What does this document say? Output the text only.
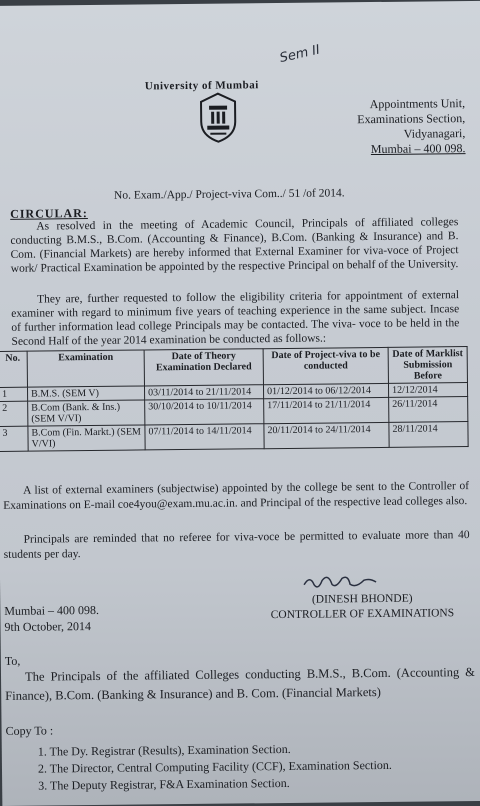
Sem II
University of Mumbai
Appointments Unit,
Examinations Section,
Vidyanagari,
Mumbai – 400 098.
No. Exam./App./ Project-viva Com../ 51 /of 2014.
CIRCULAR:
As resolved in the meeting of Academic Council, Principals of affiliated colleges conducting B.M.S., B.Com. (Accounting & Finance), B.Com. (Banking & Insurance) and B. Com. (Financial Markets) are hereby informed that External Examiner for viva-voce of Project work/ Practical Examination be appointed by the respective Principal on behalf of the University.
They are, further requested to follow the eligibility criteria for appointment of external examiner with regard to minimum five years of teaching experience in the same subject. Incase of further information lead college Principals may be contacted. The viva- voce to be held in the Second Half of the year 2014 examination be conducted as follows.:
No.	Examination	Date of Theory Examination Declared	Date of Project-viva to be conducted	Date of Marklist Submission Before
1	B.M.S. (SEM V)	03/11/2014 to 21/11/2014	01/12/2014 to 06/12/2014	12/12/2014
2	B.Com (Bank. & Ins.) (SEM V/VI)	30/10/2014 to 10/11/2014	17/11/2014 to 21/11/2014	26/11/2014
3	B.Com (Fin. Markt.) (SEM V/VI)	07/11/2014 to 14/11/2014	20/11/2014 to 24/11/2014	28/11/2014
A list of external examiners (subjectwise) appointed by the college be sent to the Controller of Examinations on E-mail coe4you@exam.mu.ac.in. and Principal of the respective lead colleges also.
Principals are reminded that no referee for viva-voce be permitted to evaluate more than 40 students per day.
(DINESH BHONDE)
CONTROLLER OF EXAMINATIONS
Mumbai – 400 098.
9th October, 2014
To,
The Principals of the affiliated Colleges conducting B.M.S., B.Com. (Accounting & Finance), B.Com. (Banking & Insurance) and B. Com. (Financial Markets)
Copy To :
1. The Dy. Registrar (Results), Examination Section.
2. The Director, Central Computing Facility (CCF), Examination Section.
3. The Deputy Registrar, F&A Examination Section.
